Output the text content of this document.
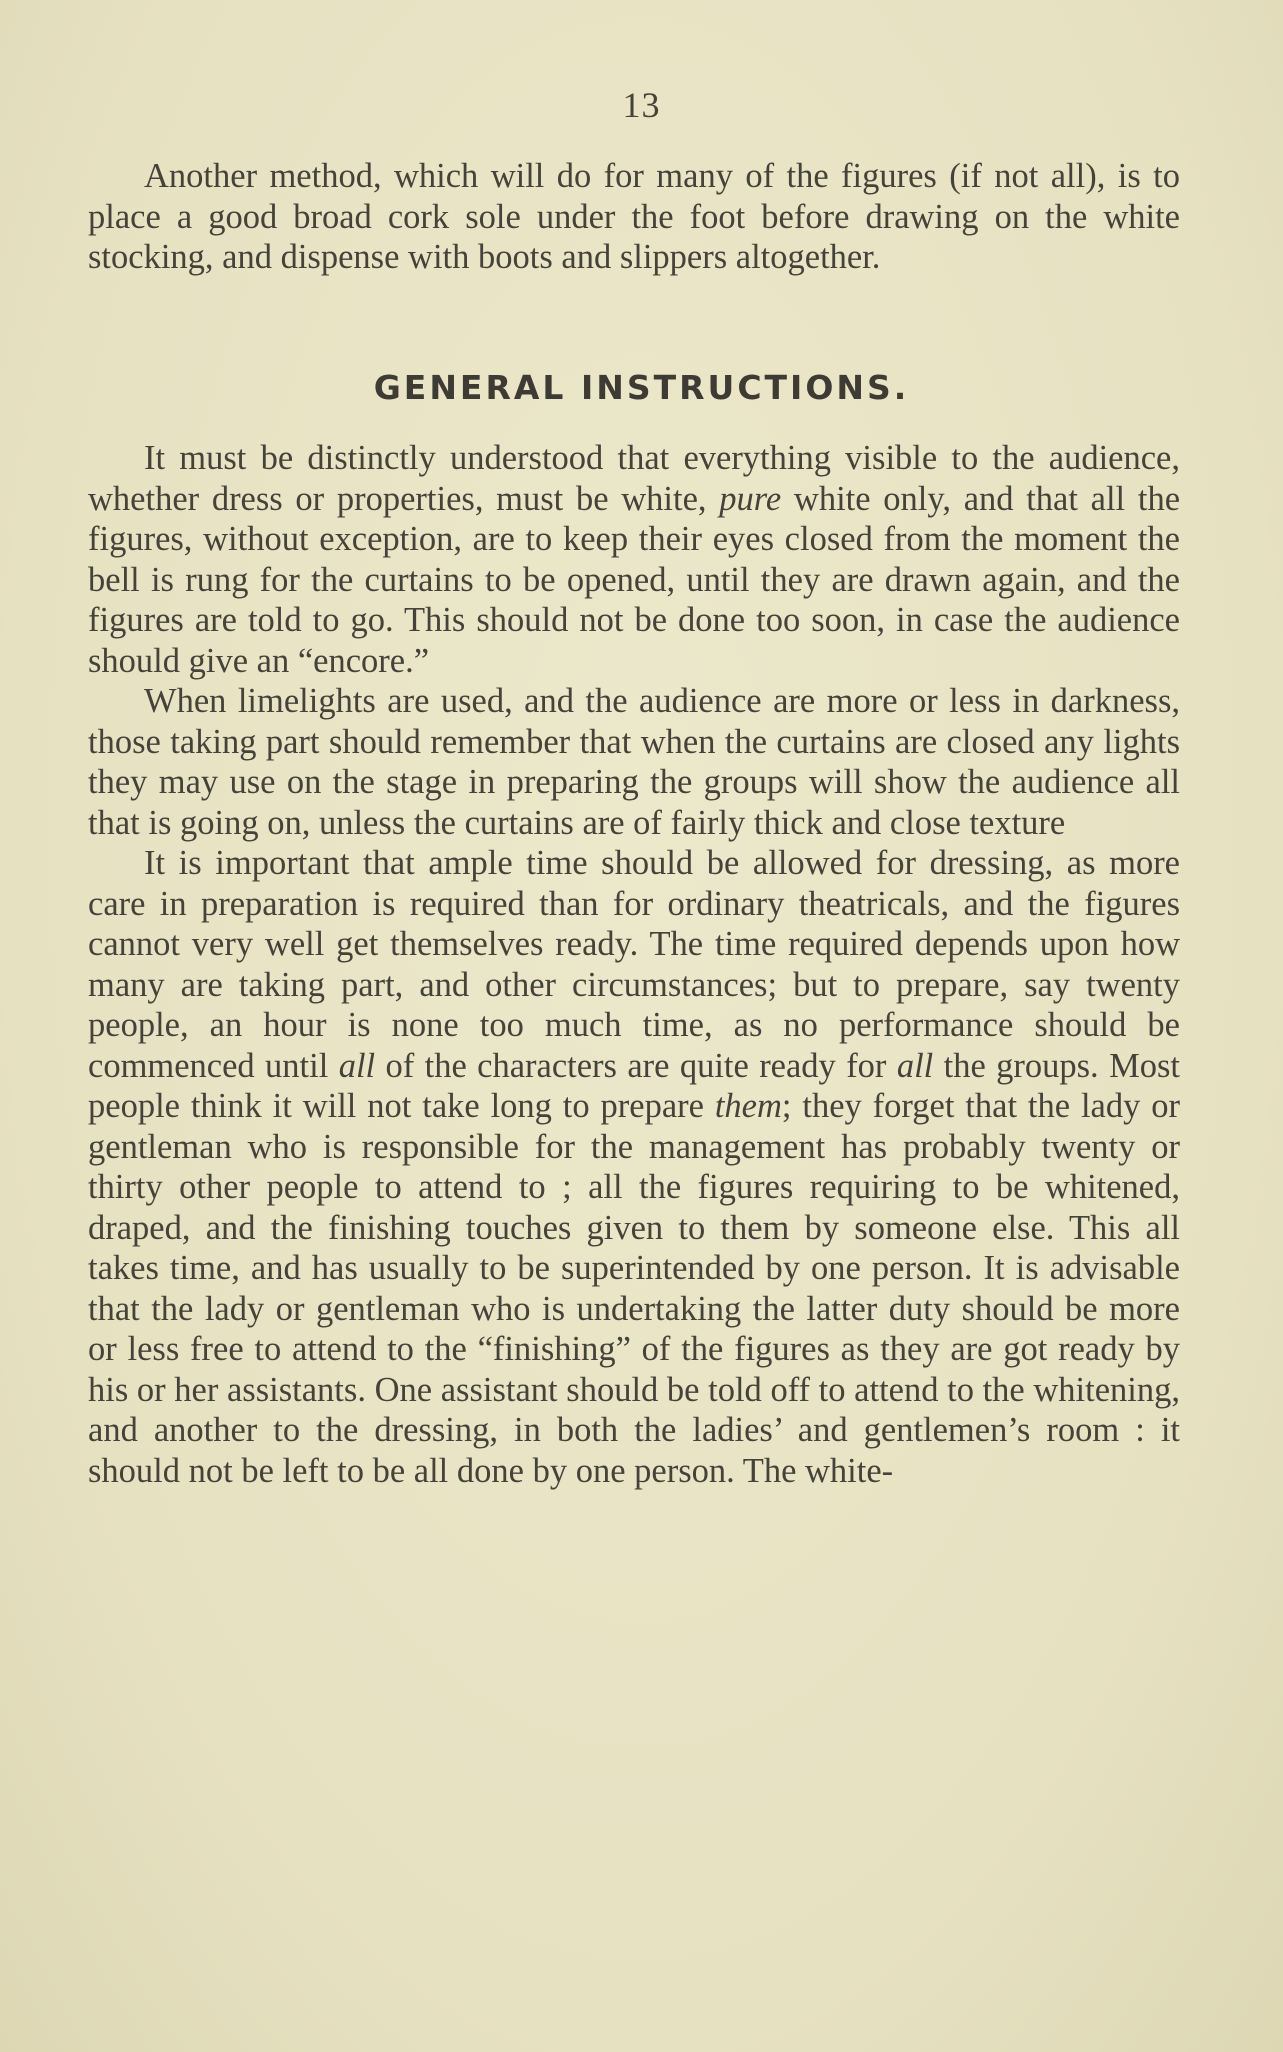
13

Another method, which will do for many of the figures (if not all), is to place a good broad cork sole under the foot before drawing on the white stocking, and dispense with boots and slippers altogether.

GENERAL INSTRUCTIONS.

It must be distinctly understood that everything visible to the audience, whether dress or properties, must be white, pure white only, and that all the figures, without exception, are to keep their eyes closed from the moment the bell is rung for the curtains to be opened, until they are drawn again, and the figures are told to go. This should not be done too soon, in case the audience should give an “encore.”

When limelights are used, and the audience are more or less in darkness, those taking part should remember that when the curtains are closed any lights they may use on the stage in preparing the groups will show the audience all that is going on, unless the curtains are of fairly thick and close texture

It is important that ample time should be allowed for dressing, as more care in preparation is required than for ordinary theatricals, and the figures cannot very well get themselves ready. The time required depends upon how many are taking part, and other circumstances; but to prepare, say twenty people, an hour is none too much time, as no performance should be commenced until all of the characters are quite ready for all the groups. Most people think it will not take long to prepare them; they forget that the lady or gentleman who is responsible for the management has probably twenty or thirty other people to attend to ; all the figures requiring to be whitened, draped, and the finishing touches given to them by someone else. This all takes time, and has usually to be superintended by one person. It is advisable that the lady or gentleman who is undertaking the latter duty should be more or less free to attend to the “finishing” of the figures as they are got ready by his or her assistants. One assistant should be told off to attend to the whitening, and another to the dressing, in both the ladies’ and gentlemen’s room : it should not be left to be all done by one person. The white-
